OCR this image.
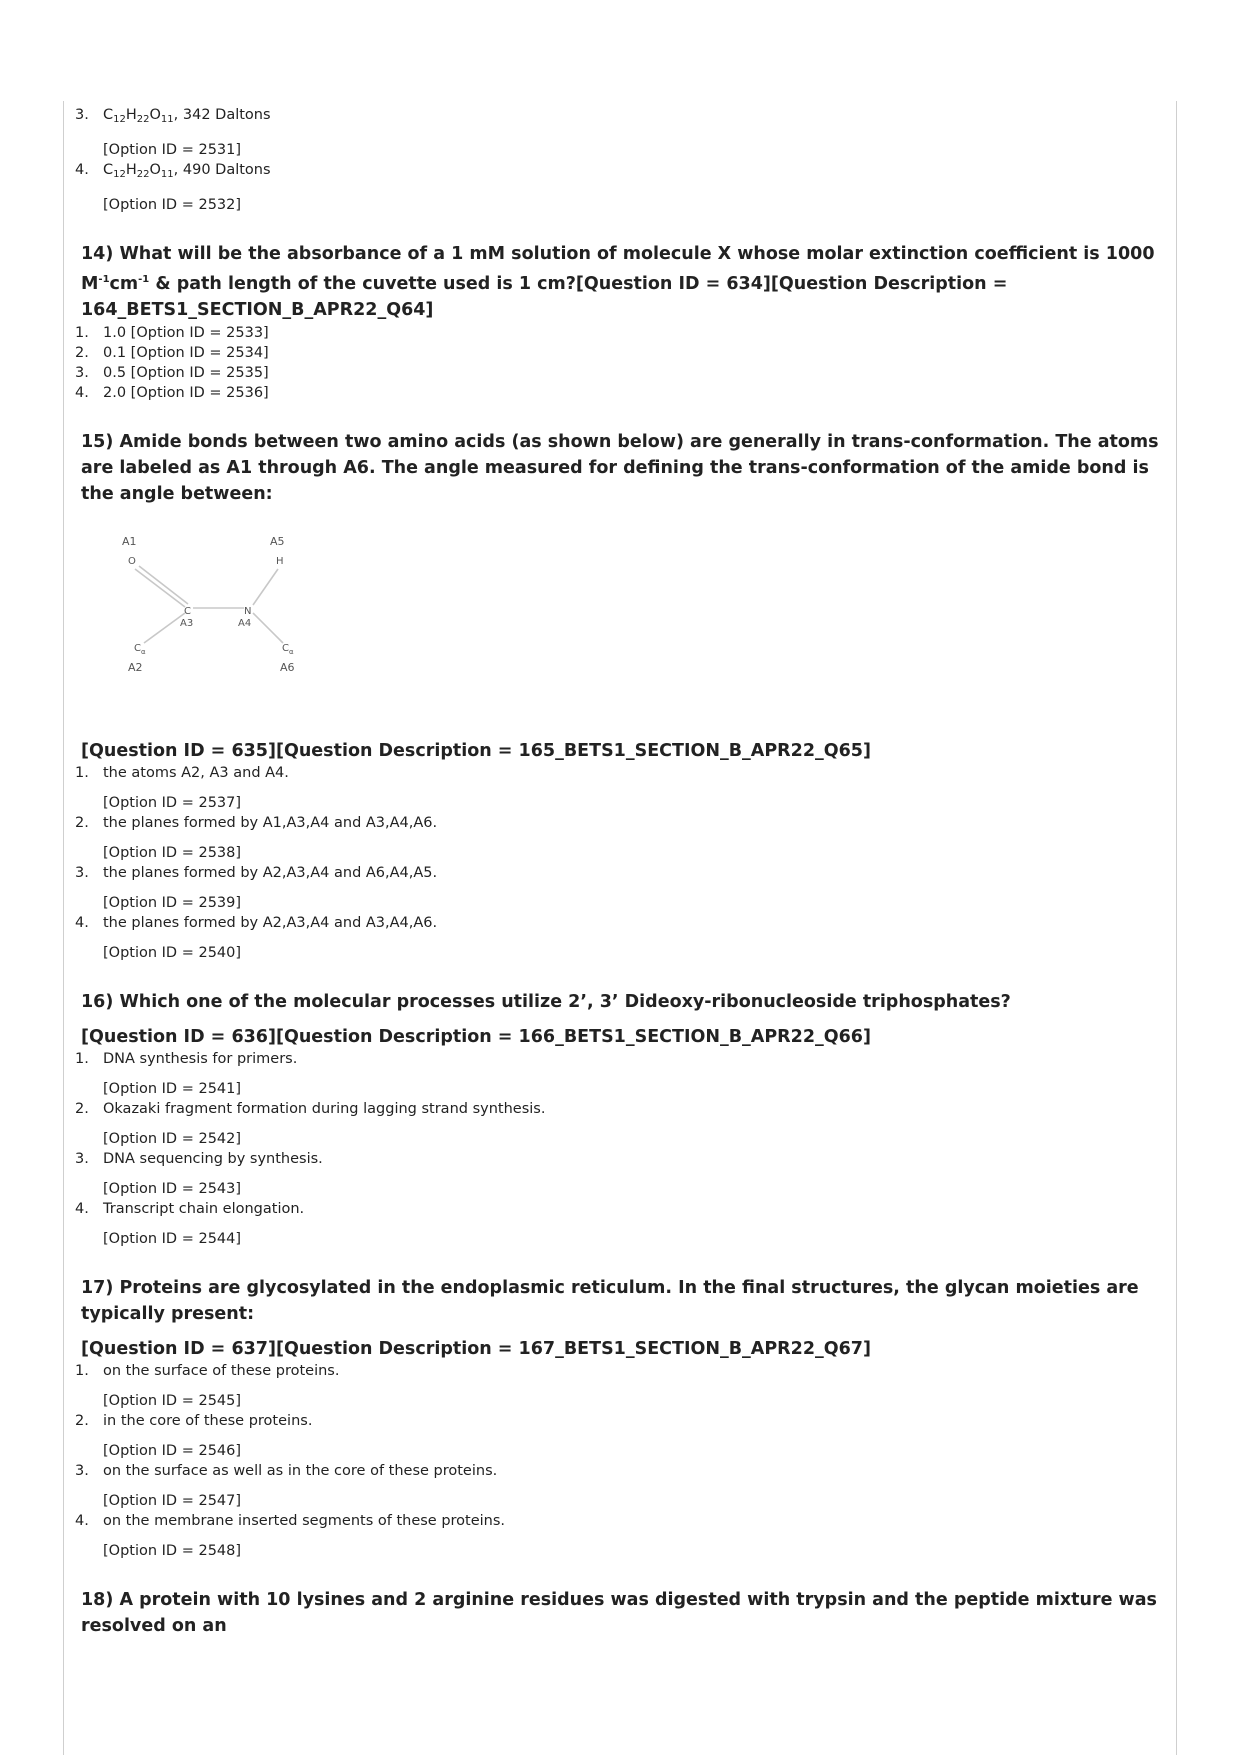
3. $C_{12}H_{22}O_{11}$, 342 Daltons
[Option ID = 2531]
4. $C_{12}H_{22}O_{11}$, 490 Daltons
[Option ID = 2532]
14) What will be the absorbance of a 1 mM solution of molecule X whose molar extinction coefficient is 1000 $M^{-1}cm^{-1}$ & path length of the cuvette used is 1 cm?[Question ID = 634][Question Description = 164_BETS1_SECTION_B_APR22_Q64]
1. 1.0 [Option ID = 2533]
2. 0.1 [Option ID = 2534]
3. 0.5 [Option ID = 2535]
4. 2.0 [Option ID = 2536]
15) Amide bonds between two amino acids (as shown below) are generally in trans-conformation. The atoms are labeled as A1 through A6. The angle measured for defining the trans-conformation of the amide bond is the angle between:
A1
O
A5
H
C
A3
N
A4
C α
A2
C α
A6
[Question ID = 635][Question Description = 165_BETS1_SECTION_B_APR22_Q65]
1. the atoms A2, A3 and A4.
[Option ID = 2537]
2. the planes formed by A1,A3,A4 and A3,A4,A6.
[Option ID = 2538]
3. the planes formed by A2,A3,A4 and A6,A4,A5.
[Option ID = 2539]
4. the planes formed by A2,A3,A4 and A3,A4,A6.
[Option ID = 2540]
16) Which one of the molecular processes utilize 2’, 3’ Dideoxy-ribonucleoside triphosphates?
[Question ID = 636][Question Description = 166_BETS1_SECTION_B_APR22_Q66]
1. DNA synthesis for primers.
[Option ID = 2541]
2. Okazaki fragment formation during lagging strand synthesis.
[Option ID = 2542]
3. DNA sequencing by synthesis.
[Option ID = 2543]
4. Transcript chain elongation.
[Option ID = 2544]
17) Proteins are glycosylated in the endoplasmic reticulum. In the final structures, the glycan moieties are typically present:
[Question ID = 637][Question Description = 167_BETS1_SECTION_B_APR22_Q67]
1. on the surface of these proteins.
[Option ID = 2545]
2. in the core of these proteins.
[Option ID = 2546]
3. on the surface as well as in the core of these proteins.
[Option ID = 2547]
4. on the membrane inserted segments of these proteins.
[Option ID = 2548]
18) A protein with 10 lysines and 2 arginine residues was digested with trypsin and the peptide mixture was resolved on an
